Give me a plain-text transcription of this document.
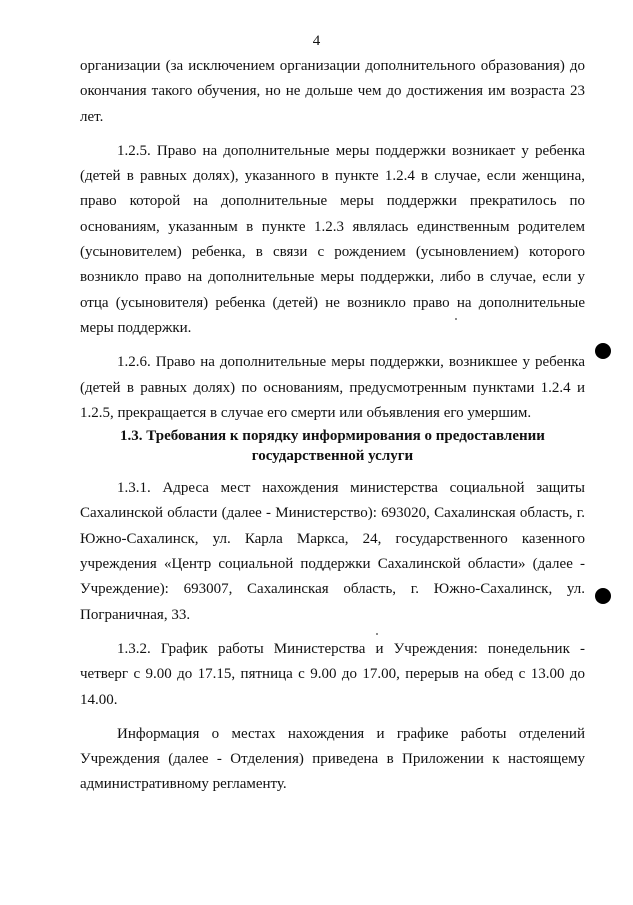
4

организации (за исключением организации дополнительного образования) до окончания такого обучения, но не дольше чем до достижения им возраста 23 лет.

1.2.5. Право на дополнительные меры поддержки возникает у ребенка (детей в равных долях), указанного в пункте 1.2.4 в случае, если женщина, право которой на дополнительные меры поддержки прекратилось по основаниям, указанным в пункте 1.2.3 являлась единственным родителем (усыновителем) ребенка, в связи с рождением (усыновлением) которого возникло право на дополнительные меры поддержки, либо в случае, если у отца (усыновителя) ребенка (детей) не возникло право на дополнительные меры поддержки.

1.2.6. Право на дополнительные меры поддержки, возникшее у ребенка (детей в равных долях) по основаниям, предусмотренным пунктами 1.2.4 и 1.2.5, прекращается в случае его смерти или объявления его умершим.

1.3. Требования к порядку информирования о предоставлении государственной услуги

1.3.1. Адреса мест нахождения министерства социальной защиты Сахалинской области (далее - Министерство): 693020, Сахалинская область, г. Южно-Сахалинск, ул. Карла Маркса, 24, государственного казенного учреждения «Центр социальной поддержки Сахалинской области» (далее - Учреждение): 693007, Сахалинская область, г. Южно-Сахалинск, ул. Пограничная, 33.

1.3.2. График работы Министерства и Учреждения: понедельник - четверг с 9.00 до 17.15, пятница с 9.00 до 17.00, перерыв на обед с 13.00 до 14.00.

Информация о местах нахождения и графике работы отделений Учреждения (далее - Отделения) приведена в Приложении к настоящему административному регламенту.
